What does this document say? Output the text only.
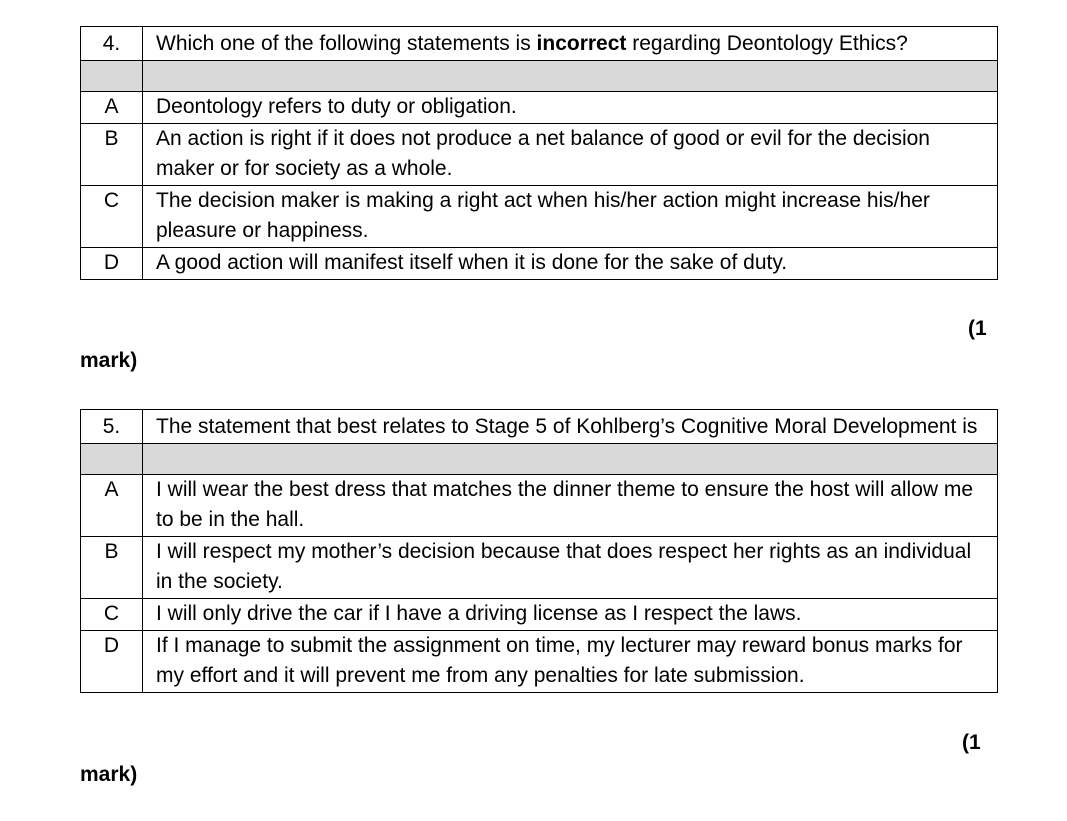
4.	Which one of the following statements is incorrect regarding Deontology Ethics?

A	Deontology refers to duty or obligation.
B	An action is right if it does not produce a net balance of good or evil for the decision maker or for society as a whole.
C	The decision maker is making a right act when his/her action might increase his/her pleasure or happiness.
D	A good action will manifest itself when it is done for the sake of duty.
(1
mark)
5.	The statement that best relates to Stage 5 of Kohlberg’s Cognitive Moral Development is

A	I will wear the best dress that matches the dinner theme to ensure the host will allow me to be in the hall.
B	I will respect my mother’s decision because that does respect her rights as an individual in the society.
C	I will only drive the car if I have a driving license as I respect the laws.
D	If I manage to submit the assignment on time, my lecturer may reward bonus marks for my effort and it will prevent me from any penalties for late submission.
(1
mark)
